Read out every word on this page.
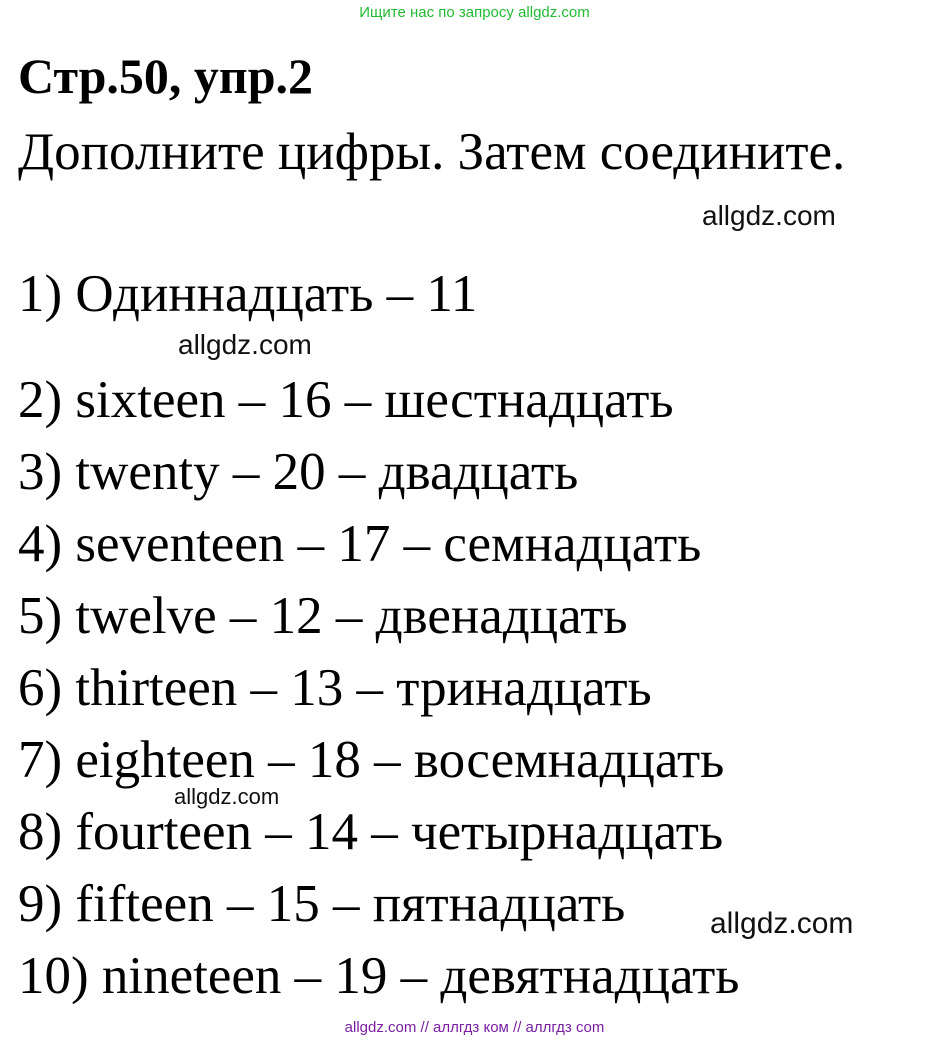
Ищите нас по запросу allgdz.com
Стр.50, упр.2
Дополните цифры. Затем соедините.
allgdz.com
1) Одиннадцать – 11
allgdz.com
2) sixteen – 16 – шестнадцать
3) twenty – 20 – двадцать
4) seventeen – 17 – семнадцать
5) twelve – 12 – двенадцать
6) thirteen – 13 – тринадцать
7) eighteen – 18 – восемнадцать
allgdz.com
8) fourteen – 14 – четырнадцать
9) fifteen – 15 – пятнадцать	allgdz.com
10) nineteen – 19 – девятнадцать
allgdz.com // аллгдз ком // аллгдз com
